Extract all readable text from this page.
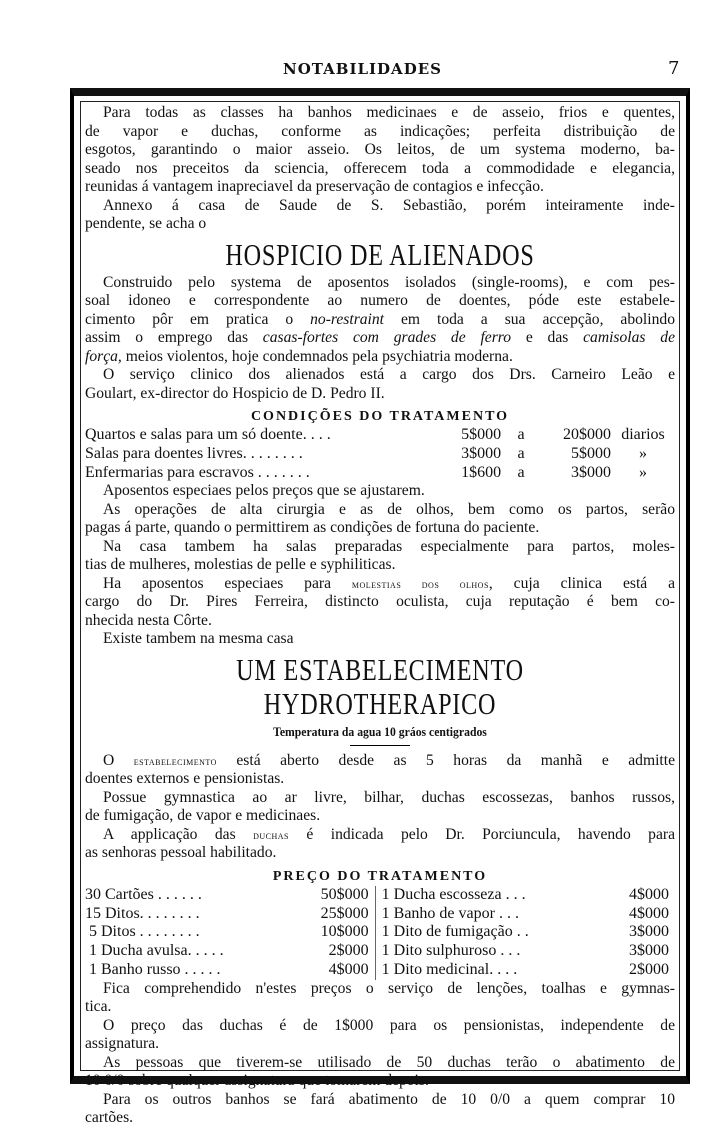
NOTABILIDADES	7
Para todas as classes ha banhos medicinaes e de asseio, frios e quentes,
de vapor e duchas, conforme as indicações; perfeita distribuição de
esgotos, garantindo o maior asseio. Os leitos, de um systema moderno, ba-
seado nos preceitos da sciencia, offerecem toda a commodidade e elegancia,
reunidas á vantagem inapreciavel da preservação de contagios e infecção.
Annexo á casa de Saude de S. Sebastião, porém inteiramente inde-
pendente, se acha o
HOSPICIO DE ALIENADOS
Construido pelo systema de aposentos isolados (single-rooms), e com pes-
soal idoneo e correspondente ao numero de doentes, póde este estabele-
cimento pôr em pratica o no-restraint em toda a sua accepção, abolindo
assim o emprego das casas-fortes com grades de ferro e das camisolas de
força, meios violentos, hoje condemnados pela psychiatria moderna.
O serviço clinico dos alienados está a cargo dos Drs. Carneiro Leão e
Goulart, ex-director do Hospicio de D. Pedro II.
CONDIÇÕES DO TRATAMENTO
Quartos e salas para um só doente. . . .	5$000	a	20$000	diarios
Salas para doentes livres. . . . . . . .	3$000	a	5$000	»
Enfermarias para escravos . . . . . . .	1$600	a	3$000	»
Aposentos especiaes pelos preços que se ajustarem.
As operações de alta cirurgia e as de olhos, bem como os partos, serão
pagas á parte, quando o permittirem as condições de fortuna do paciente.
Na casa tambem ha salas preparadas especialmente para partos, moles-
tias de mulheres, molestias de pelle e syphiliticas.
Ha aposentos especiaes para molestias dos olhos, cuja clinica está a
cargo do Dr. Pires Ferreira, distincto oculista, cuja reputação é bem co-
nhecida nesta Côrte.
Existe tambem na mesma casa
UM ESTABELECIMENTO HYDROTHERAPICO
Temperatura da agua 10 gráos centigrados
O estabelecimento está aberto desde as 5 horas da manhã e admitte
doentes externos e pensionistas.
Possue gymnastica ao ar livre, bilhar, duchas escossezas, banhos russos,
de fumigação, de vapor e medicinaes.
A applicação das duchas é indicada pelo Dr. Porciuncula, havendo para
as senhoras pessoal habilitado.
PREÇO DO TRATAMENTO
30 Cartões . . . . . .	50$000	1 Ducha escosseza . . .	4$000
15 Ditos. . . . . . . .	25$000	1 Banho de vapor . . .	4$000
5 Ditos . . . . . . . .	10$000	1 Dito de fumigação . .	3$000
1 Ducha avulsa. . . . .	2$000	1 Dito sulphuroso . . .	3$000
1 Banho russo . . . . .	4$000	1 Dito medicinal. . . .	2$000
Fica comprehendido n'estes preços o serviço de lenções, toalhas e gymnas-
tica.
O preço das duchas é de 1$000 para os pensionistas, independente de
assignatura.
As pessoas que tiverem-se utilisado de 50 duchas terão o abatimento de
10 0/0 sobre qualquer assignatura que tomarem depois.
Para os outros banhos se fará abatimento de 10 0/0 a quem comprar 10
cartões.
